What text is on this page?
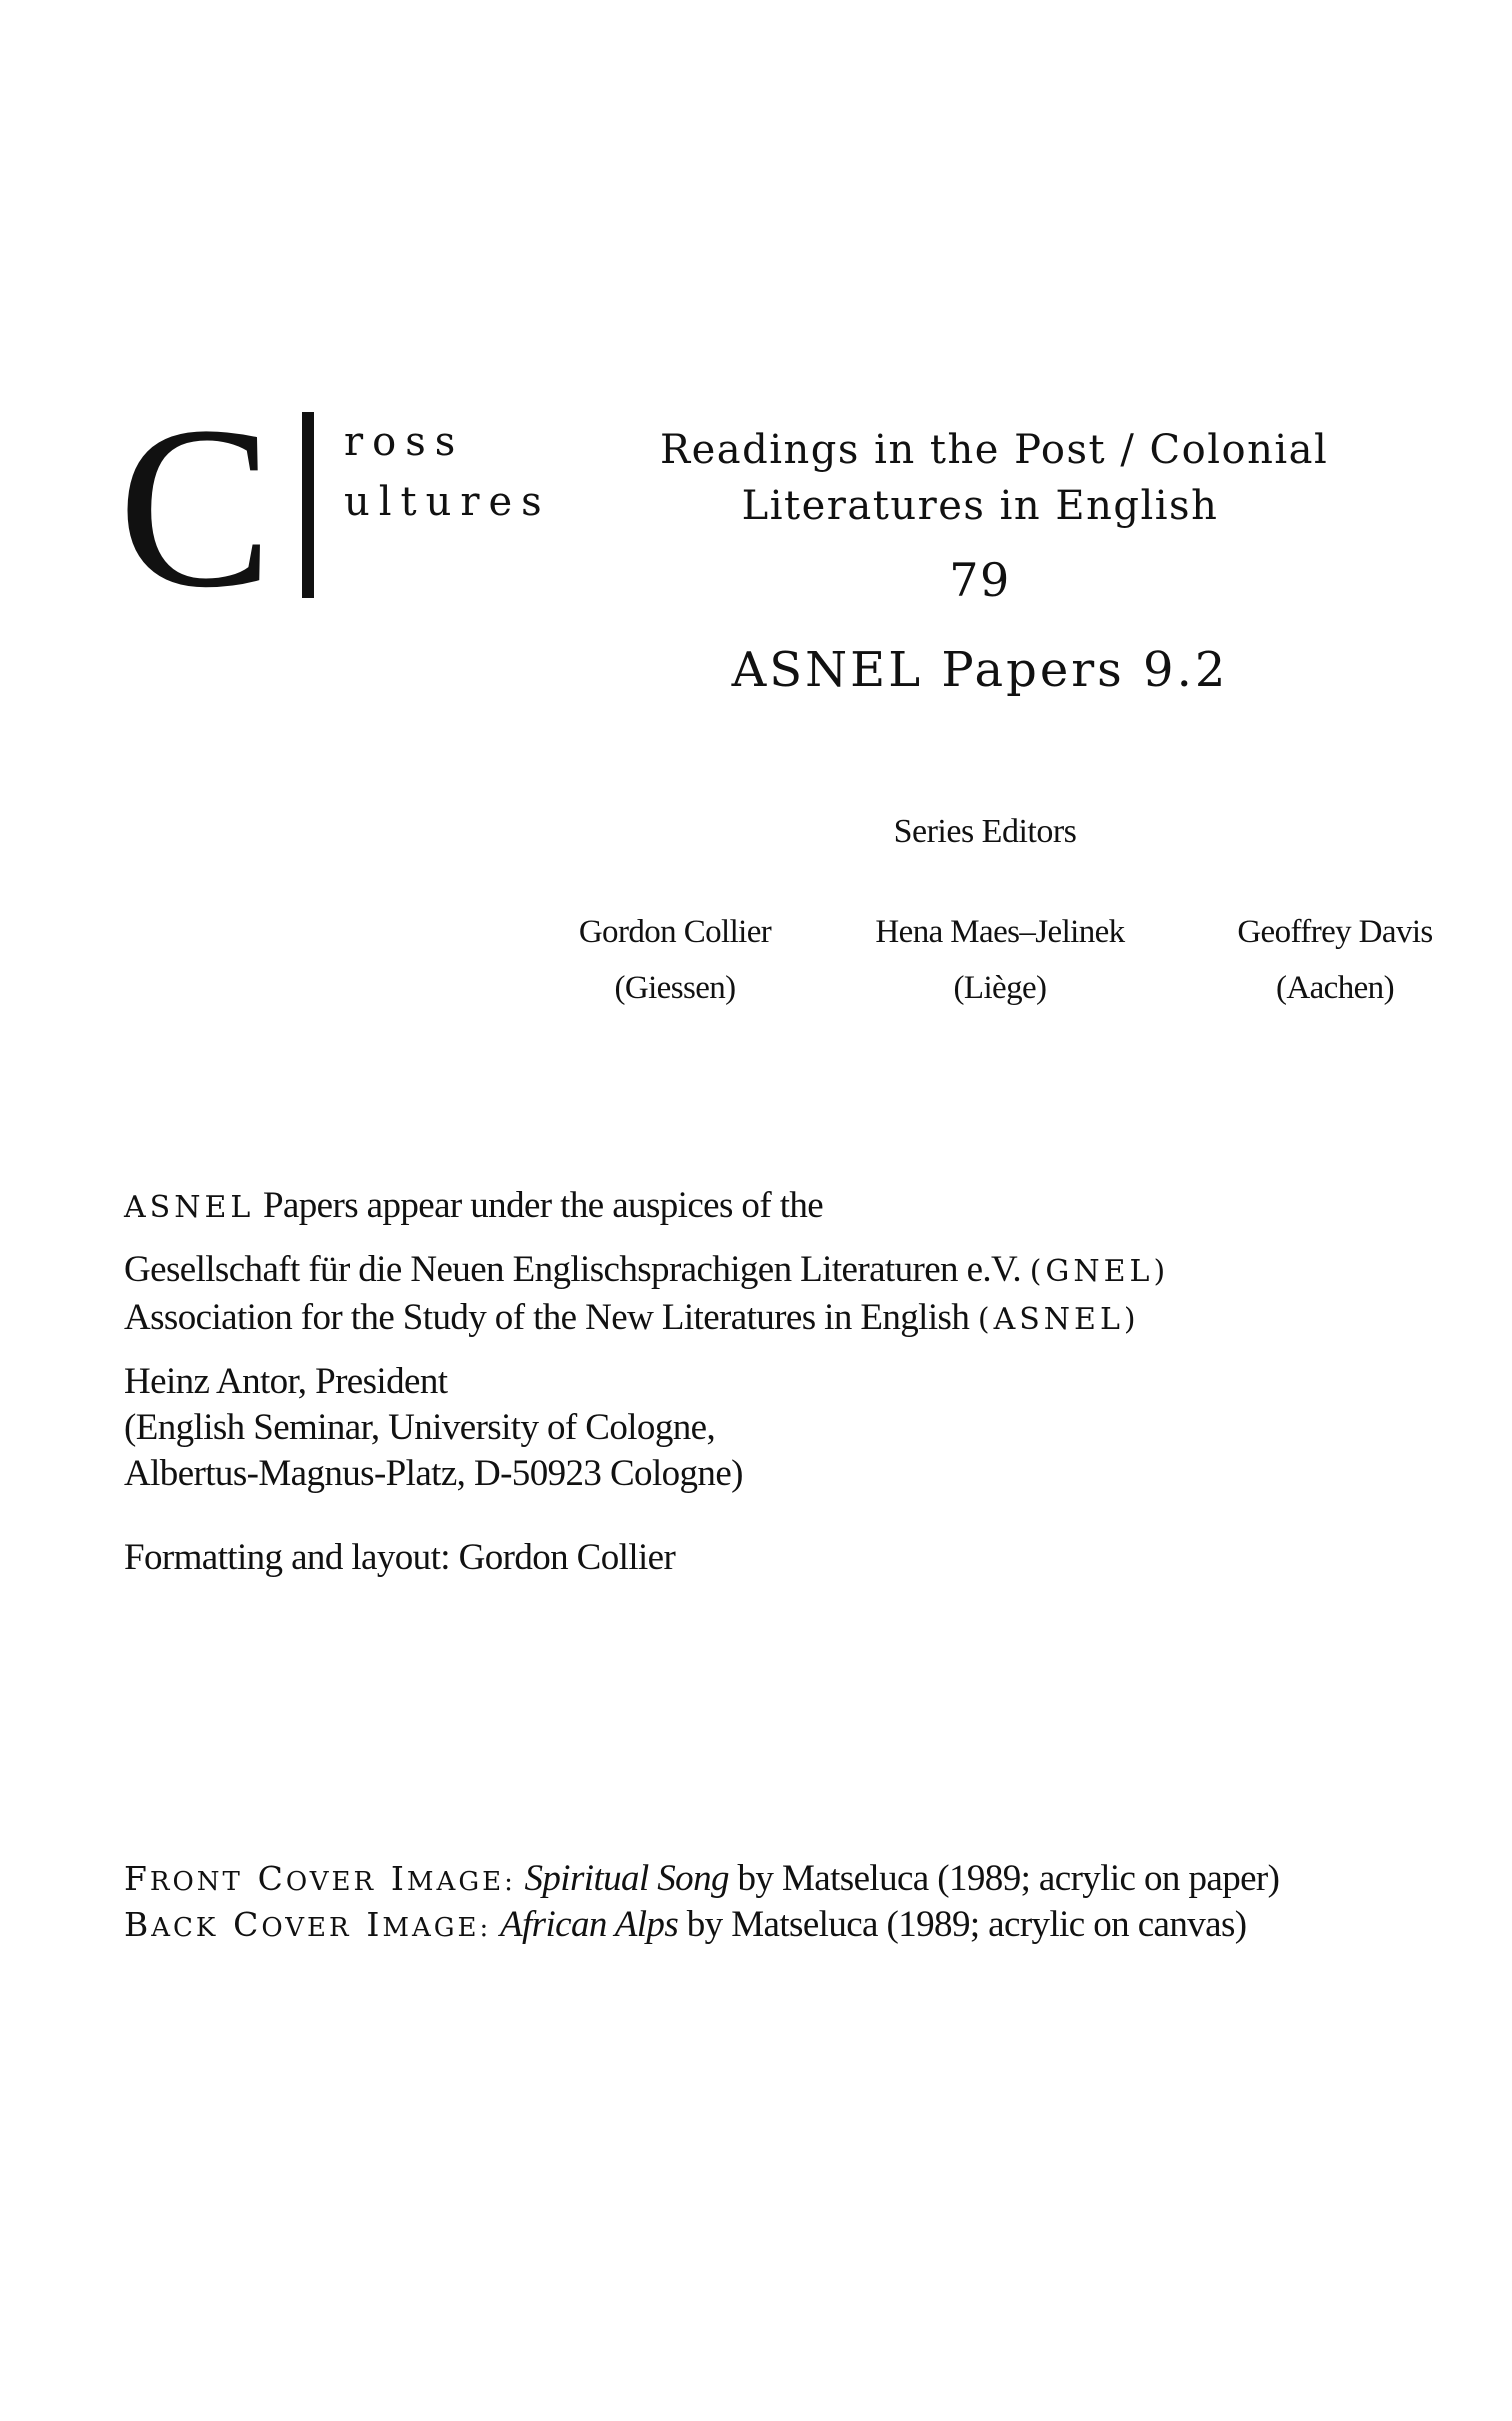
C ross
ultures
Readings in the Post / Colonial
Literatures in English
79
ASNEL Papers 9.2
Series Editors
Gordon Collier
(Giessen)
Hena Maes–Jelinek
(Liège)
Geoffrey Davis
(Aachen)
ASNEL Papers appear under the auspices of the
Gesellschaft für die Neuen Englischsprachigen Literaturen e.V. (GNEL)
Association for the Study of the New Literatures in English (ASNEL)
Heinz Antor, President
(English Seminar, University of Cologne,
Albertus-Magnus-Platz, D-50923 Cologne)
Formatting and layout: Gordon Collier
FRONT COVER IMAGE: Spiritual Song by Matseluca (1989; acrylic on paper)
BACK COVER IMAGE: African Alps by Matseluca (1989; acrylic on canvas)
